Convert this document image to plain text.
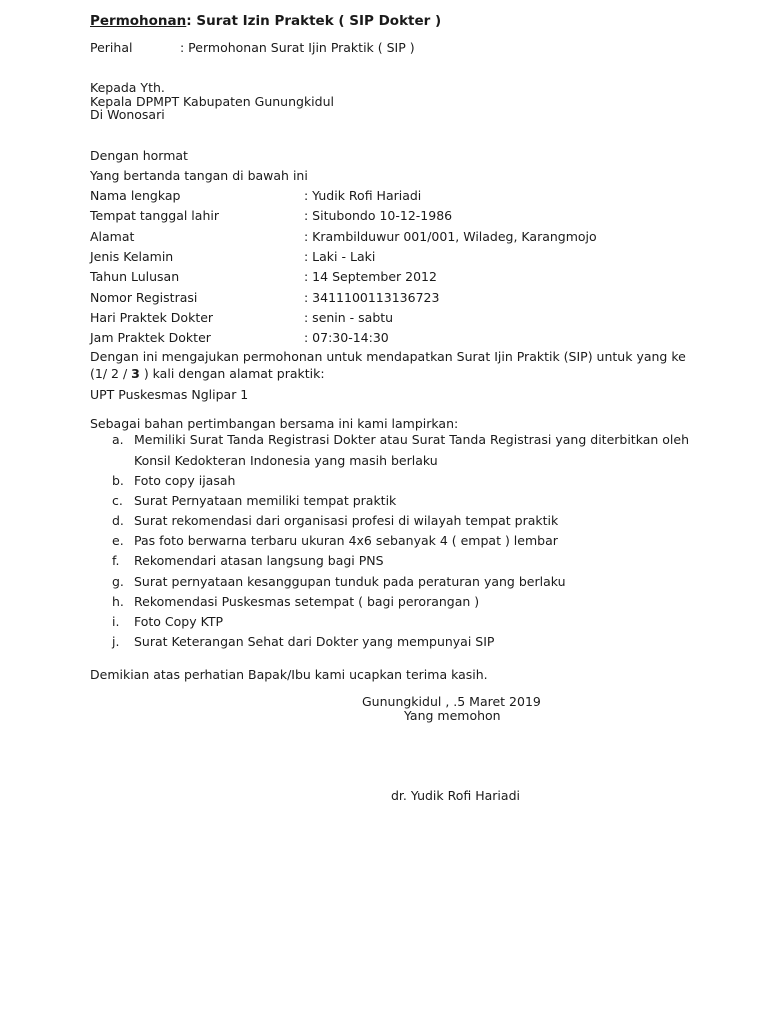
Permohonan: Surat Izin Praktek ( SIP Dokter )
Perihal	: Permohonan Surat Ijin Praktik ( SIP )
Kepada Yth.
Kepala DPMPT Kabupaten Gunungkidul
Di Wonosari
Dengan hormat
Yang bertanda tangan di bawah ini
Nama lengkap	: Yudik Rofi Hariadi
Tempat tanggal lahir	: Situbondo 10-12-1986
Alamat	: Krambilduwur 001/001, Wiladeg, Karangmojo
Jenis Kelamin	: Laki - Laki
Tahun Lulusan	: 14 September 2012
Nomor Registrasi	: 3411100113136723
Hari Praktek Dokter	: senin - sabtu
Jam Praktek Dokter	: 07:30-14:30
Dengan ini mengajukan permohonan untuk mendapatkan Surat Ijin Praktik (SIP) untuk yang ke
(1/ 2 / 3 ) kali dengan alamat praktik:
UPT Puskesmas Nglipar 1
Sebagai bahan pertimbangan bersama ini kami lampirkan:
a. Memiliki Surat Tanda Registrasi Dokter atau Surat Tanda Registrasi yang diterbitkan oleh
Konsil Kedokteran Indonesia yang masih berlaku
b. Foto copy ijasah
c. Surat Pernyataan memiliki tempat praktik
d. Surat rekomendasi dari organisasi profesi di wilayah tempat praktik
e. Pas foto berwarna terbaru ukuran 4x6 sebanyak 4 ( empat ) lembar
f. Rekomendari atasan langsung bagi PNS
g. Surat pernyataan kesanggupan tunduk pada peraturan yang berlaku
h. Rekomendasi Puskesmas setempat ( bagi perorangan )
i. Foto Copy KTP
j. Surat Keterangan Sehat dari Dokter yang mempunyai SIP
Demikian atas perhatian Bapak/Ibu kami ucapkan terima kasih.
Gunungkidul , .5 Maret 2019
Yang memohon
dr. Yudik Rofi Hariadi
